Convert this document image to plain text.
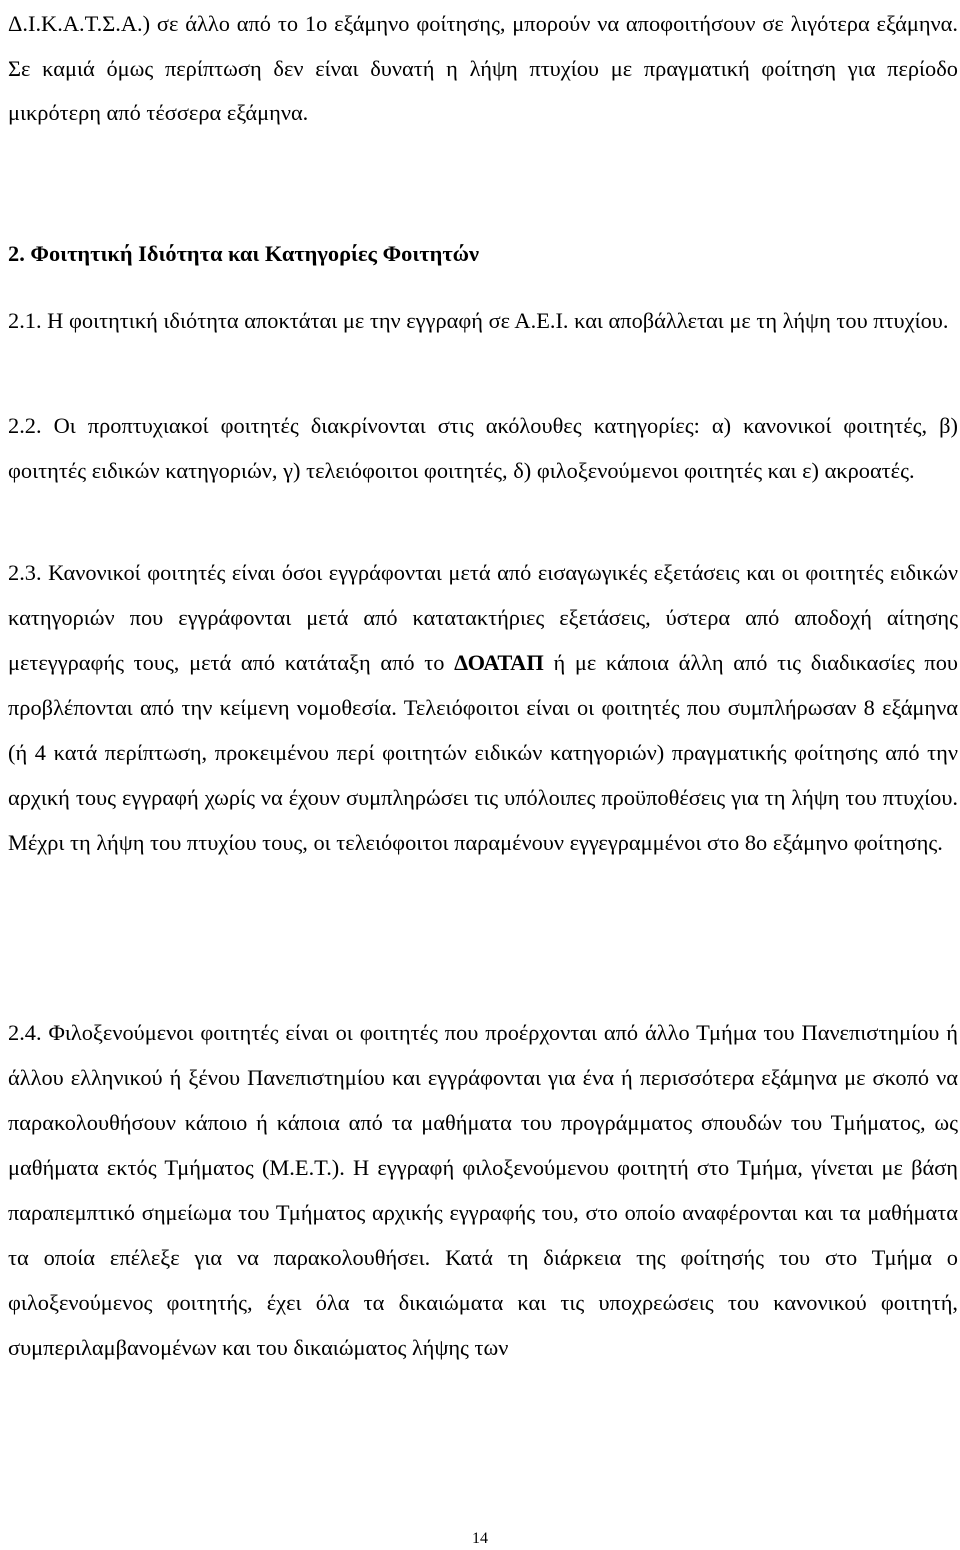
Δ.Ι.Κ.Α.Τ.Σ.Α.) σε άλλο από το 1ο εξάμηνο φοίτησης, μπορούν να αποφοιτήσουν σε λιγότερα εξάμηνα. Σε καμιά όμως περίπτωση δεν είναι δυνατή η λήψη πτυχίου με πραγματική φοίτηση για περίοδο μικρότερη από τέσσερα εξάμηνα.

2. Φοιτητική Ιδιότητα και Κατηγορίες Φοιτητών

2.1. Η φοιτητική ιδιότητα αποκτάται με την εγγραφή σε Α.Ε.Ι. και αποβάλλεται με τη λήψη του πτυχίου.

2.2. Οι προπτυχιακοί φοιτητές διακρίνονται στις ακόλουθες κατηγορίες: α) κανονικοί φοιτητές, β) φοιτητές ειδικών κατηγοριών, γ) τελειόφοιτοι φοιτητές, δ) φιλοξενούμενοι φοιτητές και ε) ακροατές.

2.3. Κανονικοί φοιτητές είναι όσοι εγγράφονται μετά από εισαγωγικές εξετάσεις και οι φοιτητές ειδικών κατηγοριών που εγγράφονται μετά από κατατακτήριες εξετάσεις, ύστερα από αποδοχή αίτησης μετεγγραφής τους, μετά από κατάταξη από το ΔΟΑΤΑΠ ή με κάποια άλλη από τις διαδικασίες που προβλέπονται από την κείμενη νομοθεσία. Τελειόφοιτοι είναι οι φοιτητές που συμπλήρωσαν 8 εξάμηνα (ή 4 κατά περίπτωση, προκειμένου περί φοιτητών ειδικών κατηγοριών) πραγματικής φοίτησης από την αρχική τους εγγραφή χωρίς να έχουν συμπληρώσει τις υπόλοιπες προϋποθέσεις για τη λήψη του πτυχίου. Μέχρι τη λήψη του πτυχίου τους, οι τελειόφοιτοι παραμένουν εγγεγραμμένοι στο 8ο εξάμηνο φοίτησης.

2.4. Φιλοξενούμενοι φοιτητές είναι οι φοιτητές που προέρχονται από άλλο Τμήμα του Πανεπιστημίου ή άλλου ελληνικού ή ξένου Πανεπιστημίου και εγγράφονται για ένα ή περισσότερα εξάμηνα με σκοπό να παρακολουθήσουν κάποιο ή κάποια από τα μαθήματα του προγράμματος σπουδών του Τμήματος, ως μαθήματα εκτός Τμήματος (Μ.Ε.Τ.). Η εγγραφή φιλοξενούμενου φοιτητή στο Τμήμα, γίνεται με βάση παραπεμπτικό σημείωμα του Τμήματος αρχικής εγγραφής του, στο οποίο αναφέρονται και τα μαθήματα τα οποία επέλεξε για να παρακολουθήσει. Κατά τη διάρκεια της φοίτησής του στο Τμήμα ο φιλοξενούμενος φοιτητής, έχει όλα τα δικαιώματα και τις υποχρεώσεις του κανονικού φοιτητή, συμπεριλαμβανομένων και του δικαιώματος λήψης των

14
